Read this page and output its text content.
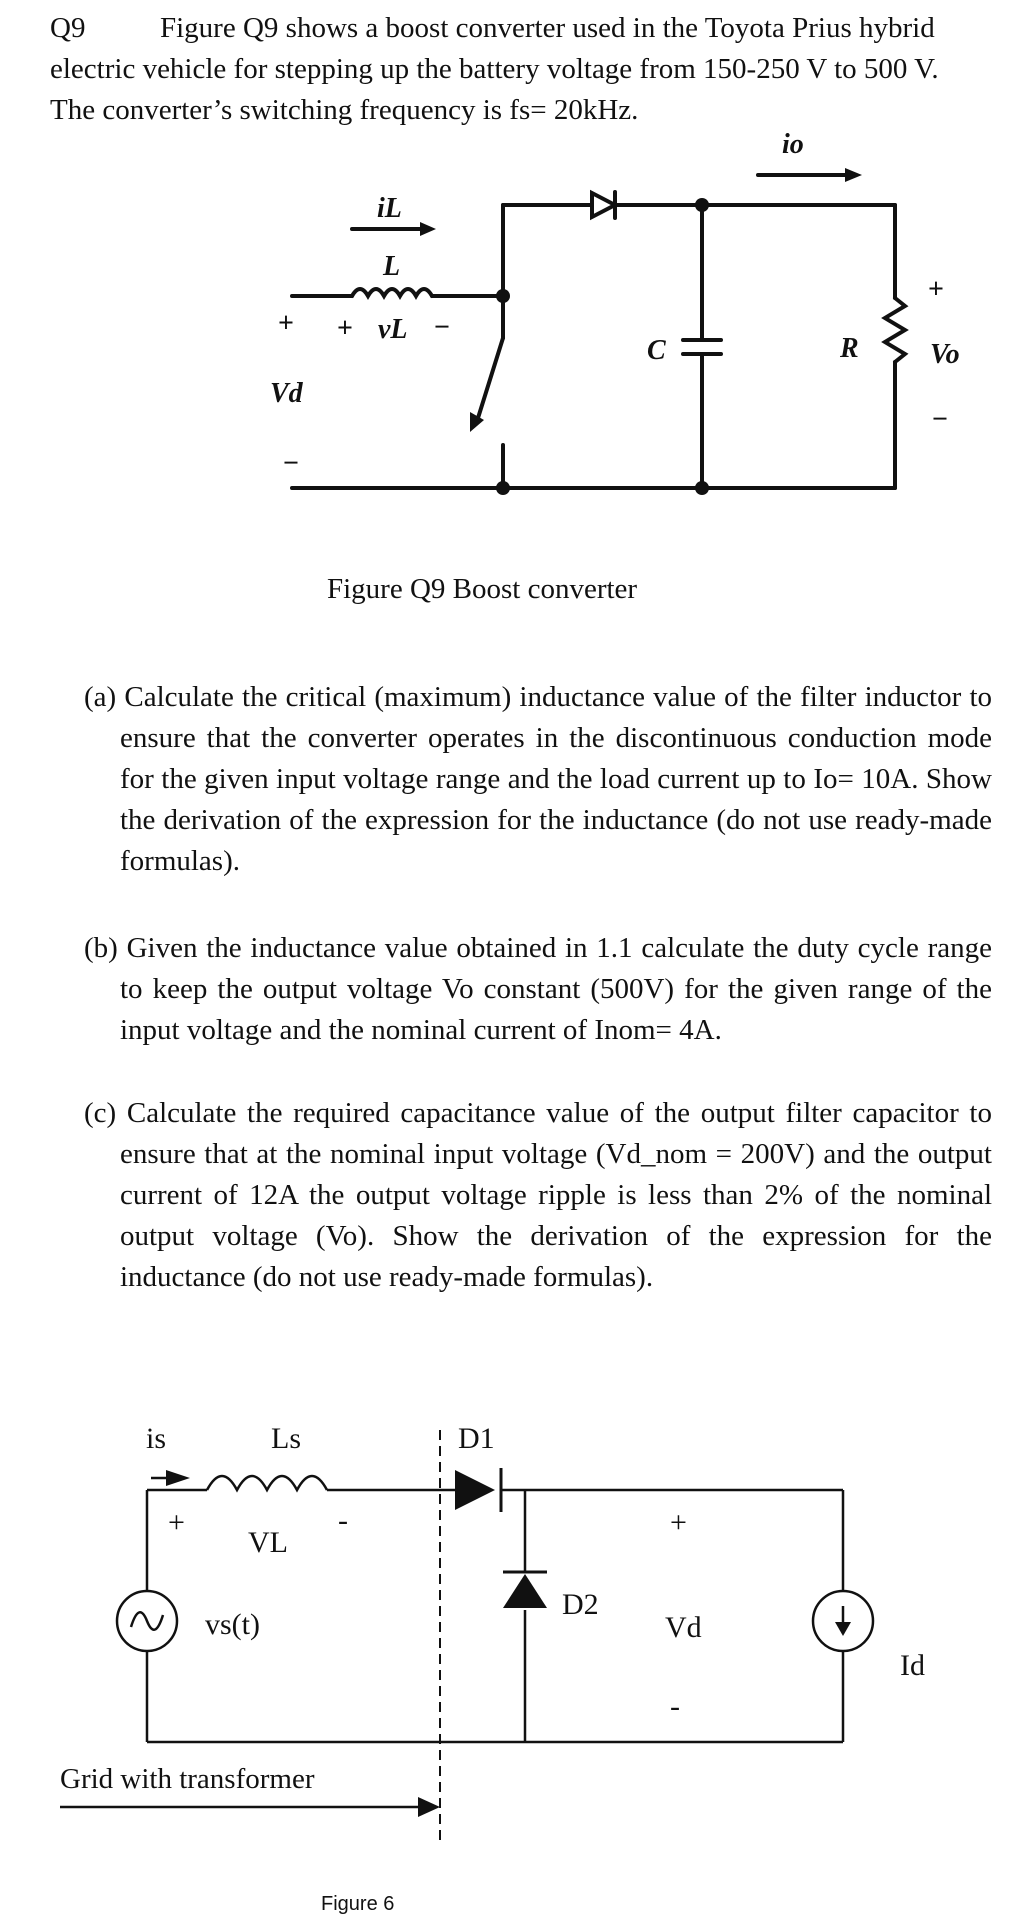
Q9	Figure Q9 shows a boost converter used in the Toyota Prius hybrid electric vehicle for stepping up the battery voltage from 150-250 V to 500 V. The converter’s switching frequency is fs= 20kHz.
io
iL
L
+ + vL −
Vd
−
C	R
+
Vo
−
Figure Q9 Boost converter
(a) Calculate the critical (maximum) inductance value of the filter inductor to ensure that the converter operates in the discontinuous conduction mode for the given input voltage range and the load current up to Io= 10A. Show the derivation of the expression for the inductance (do not use ready-made formulas).
(b) Given the inductance value obtained in 1.1 calculate the duty cycle range to keep the output voltage Vo constant (500V) for the given range of the input voltage and the nominal current of Inom= 4A.
(c) Calculate the required capacitance value of the output filter capacitor to ensure that at the nominal input voltage (Vd_nom = 200V) and the output current of 12A the output voltage ripple is less than 2% of the nominal output voltage (Vo). Show the derivation of the expression for the inductance (do not use ready-made formulas).
is	Ls	D1
+
VL
-
vs(t)
D2
+
Vd
-
Id
Grid with transformer
Figure 6
